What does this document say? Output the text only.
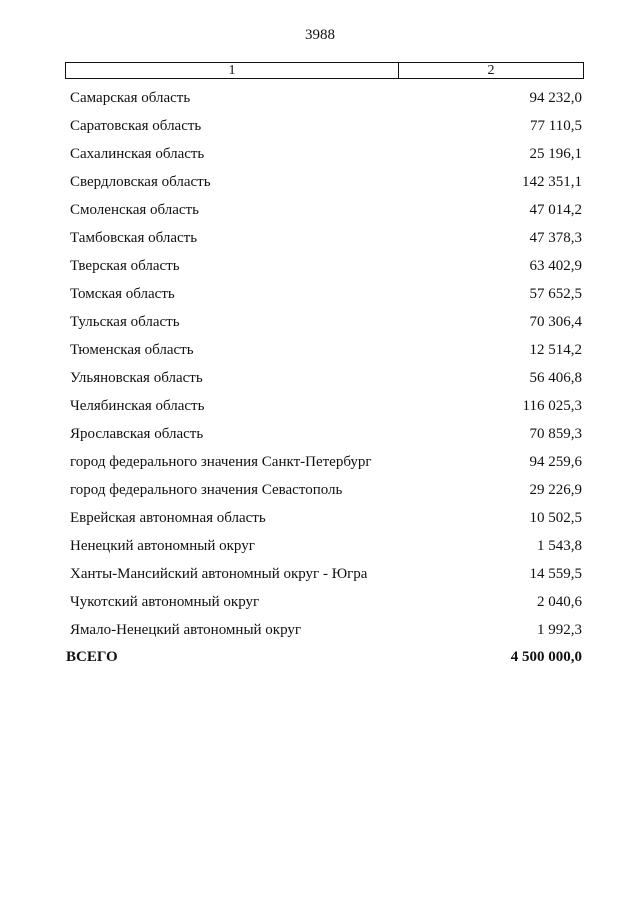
3988
1	2
Самарская область	94 232,0
Саратовская область	77 110,5
Сахалинская область	25 196,1
Свердловская область	142 351,1
Смоленская область	47 014,2
Тамбовская область	47 378,3
Тверская область	63 402,9
Томская область	57 652,5
Тульская область	70 306,4
Тюменская область	12 514,2
Ульяновская область	56 406,8
Челябинская область	116 025,3
Ярославская область	70 859,3
город федерального значения Санкт-Петербург	94 259,6
город федерального значения Севастополь	29 226,9
Еврейская автономная область	10 502,5
Ненецкий автономный округ	1 543,8
Ханты-Мансийский автономный округ - Югра	14 559,5
Чукотский автономный округ	2 040,6
Ямало-Ненецкий автономный округ	1 992,3
ВСЕГО	4 500 000,0
